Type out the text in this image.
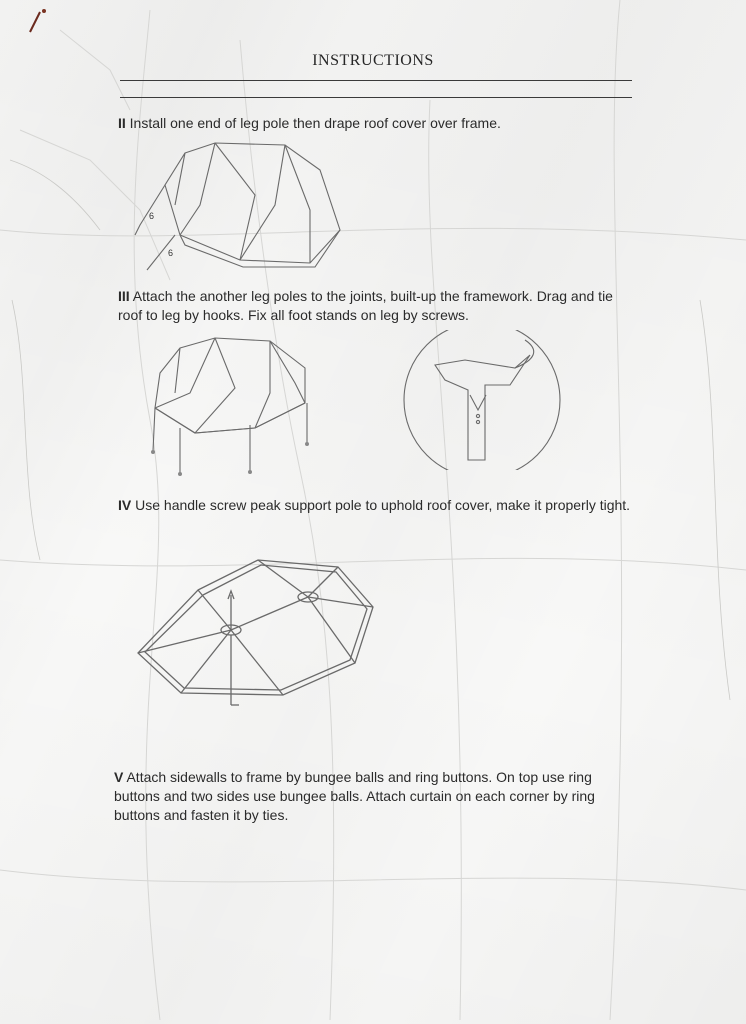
INSTRUCTIONS
II Install one end of leg pole then drape roof cover over frame.
6
6
III Attach the another leg poles to the joints, built-up the framework. Drag and tie roof to leg by hooks. Fix all foot stands on leg by screws.
IV Use handle screw peak support pole to uphold roof cover, make it properly tight.
V Attach sidewalls to frame by bungee balls and ring buttons. On top use ring buttons and two sides use bungee balls. Attach curtain on each corner by ring buttons and fasten it by ties.
